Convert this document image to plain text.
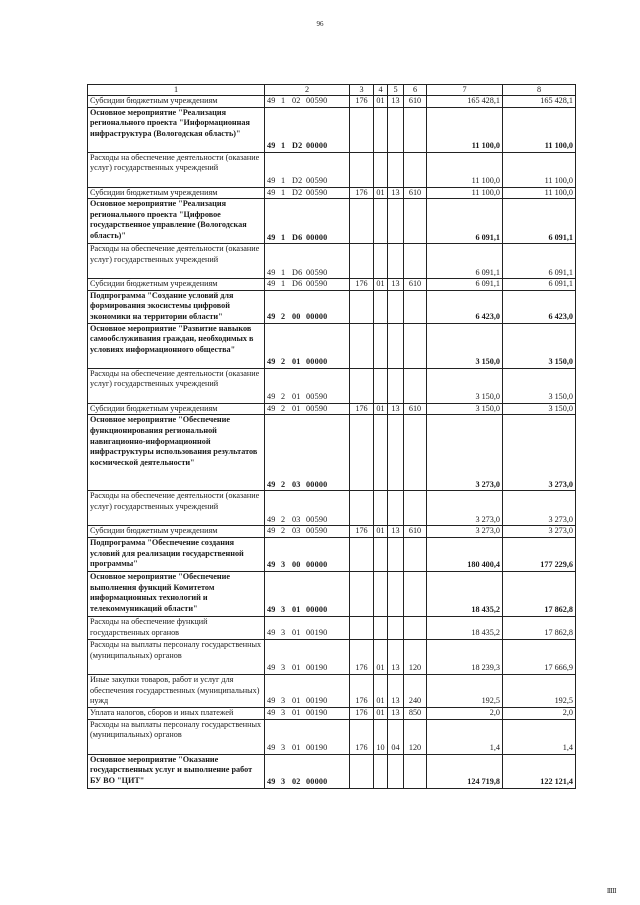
96
1	2	3	4	5	6	7	8
Субсидии бюджетным учреждениям	49 1 02 00590	176	01	13	610	165 428,1	165 428,1
Основное мероприятие "Реализация регионального проекта "Информационная инфраструктура (Вологодская область)"	49 1 D2 00000					11 100,0	11 100,0
Расходы на обеспечение деятельности (оказание услуг) государственных учреждений	49 1 D2 00590					11 100,0	11 100,0
Субсидии бюджетным учреждениям	49 1 D2 00590	176	01	13	610	11 100,0	11 100,0
Основное мероприятие "Реализация регионального проекта "Цифровое государственное управление (Вологодская область)"	49 1 D6 00000					6 091,1	6 091,1
Расходы на обеспечение деятельности (оказание услуг) государственных учреждений	49 1 D6 00590					6 091,1	6 091,1
Субсидии бюджетным учреждениям	49 1 D6 00590	176	01	13	610	6 091,1	6 091,1
Подпрограмма "Создание условий для формирования экосистемы цифровой экономики на территории области"	49 2 00 00000					6 423,0	6 423,0
Основное мероприятие "Развитие навыков самообслуживания граждан, необходимых в условиях информационного общества"	49 2 01 00000					3 150,0	3 150,0
Расходы на обеспечение деятельности (оказание услуг) государственных учреждений	49 2 01 00590					3 150,0	3 150,0
Субсидии бюджетным учреждениям	49 2 01 00590	176	01	13	610	3 150,0	3 150,0
Основное мероприятие "Обеспечение функционирования региональной навигационно-информационной инфраструктуры использования результатов космической деятельности"	49 2 03 00000					3 273,0	3 273,0
Расходы на обеспечение деятельности (оказание услуг) государственных учреждений	49 2 03 00590					3 273,0	3 273,0
Субсидии бюджетным учреждениям	49 2 03 00590	176	01	13	610	3 273,0	3 273,0
Подпрограмма "Обеспечение создания условий для реализации государственной программы"	49 3 00 00000					180 400,4	177 229,6
Основное мероприятие "Обеспечение выполнения функций Комитетом информационных технологий и телекоммуникаций области"	49 3 01 00000					18 435,2	17 862,8
Расходы на обеспечение функций государственных органов	49 3 01 00190					18 435,2	17 862,8
Расходы на выплаты персоналу государственных (муниципальных) органов	49 3 01 00190	176	01	13	120	18 239,3	17 666,9
Иные закупки товаров, работ и услуг для обеспечения государственных (муниципальных) нужд	49 3 01 00190	176	01	13	240	192,5	192,5
Уплата налогов, сборов и иных платежей	49 3 01 00190	176	01	13	850	2,0	2,0
Расходы на выплаты персоналу государственных (муниципальных) органов	49 3 01 00190	176	10	04	120	1,4	1,4
Основное мероприятие "Оказание государственных услуг и выполнение работ БУ ВО "ЦИТ"	49 3 02 00000					124 719,8	122 121,4
IIIII
